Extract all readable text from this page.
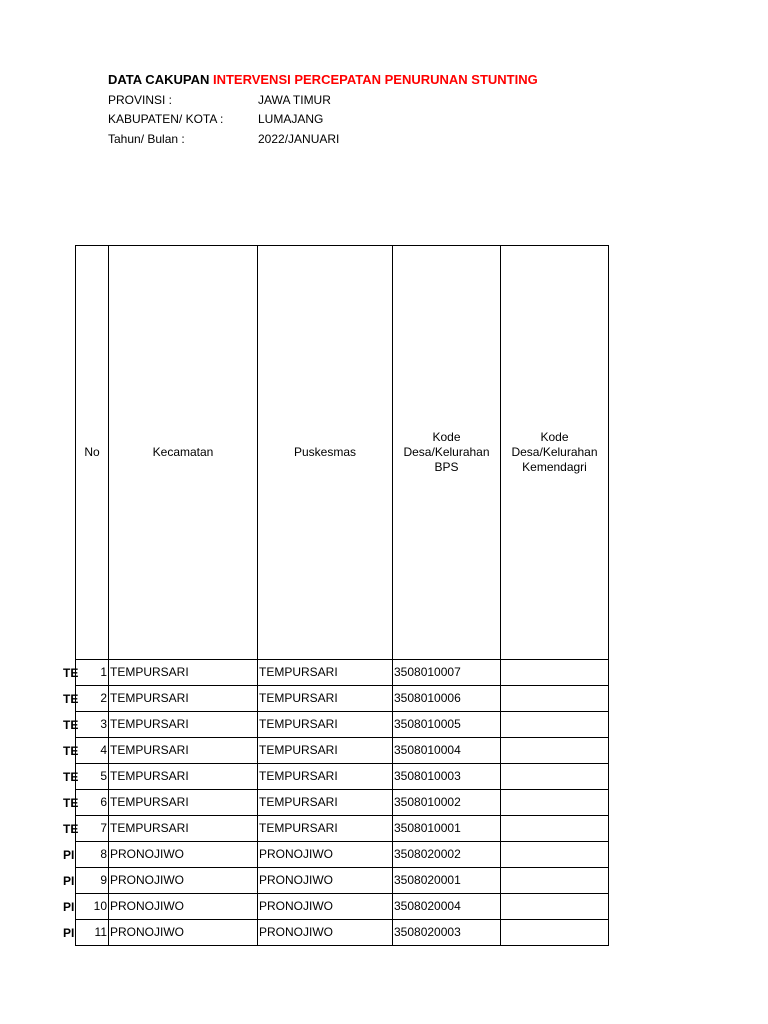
DATA CAKUPAN INTERVENSI PERCEPATAN PENURUNAN STUNTING
PROVINSI :	JAWA TIMUR
KABUPATEN/ KOTA :	LUMAJANG
Tahun/ Bulan :	2022/JANUARI
TE
TE
TE
TE
TE
TE
TE
PI
PI
PI
PI
No	Kecamatan	Puskesmas	Kode Desa/Kelurahan BPS	Kode Desa/Kelurahan Kemendagri
1	TEMPURSARI	TEMPURSARI	3508010007	
2	TEMPURSARI	TEMPURSARI	3508010006	
3	TEMPURSARI	TEMPURSARI	3508010005	
4	TEMPURSARI	TEMPURSARI	3508010004	
5	TEMPURSARI	TEMPURSARI	3508010003	
6	TEMPURSARI	TEMPURSARI	3508010002	
7	TEMPURSARI	TEMPURSARI	3508010001	
8	PRONOJIWO	PRONOJIWO	3508020002	
9	PRONOJIWO	PRONOJIWO	3508020001	
10	PRONOJIWO	PRONOJIWO	3508020004	
11	PRONOJIWO	PRONOJIWO	3508020003	
